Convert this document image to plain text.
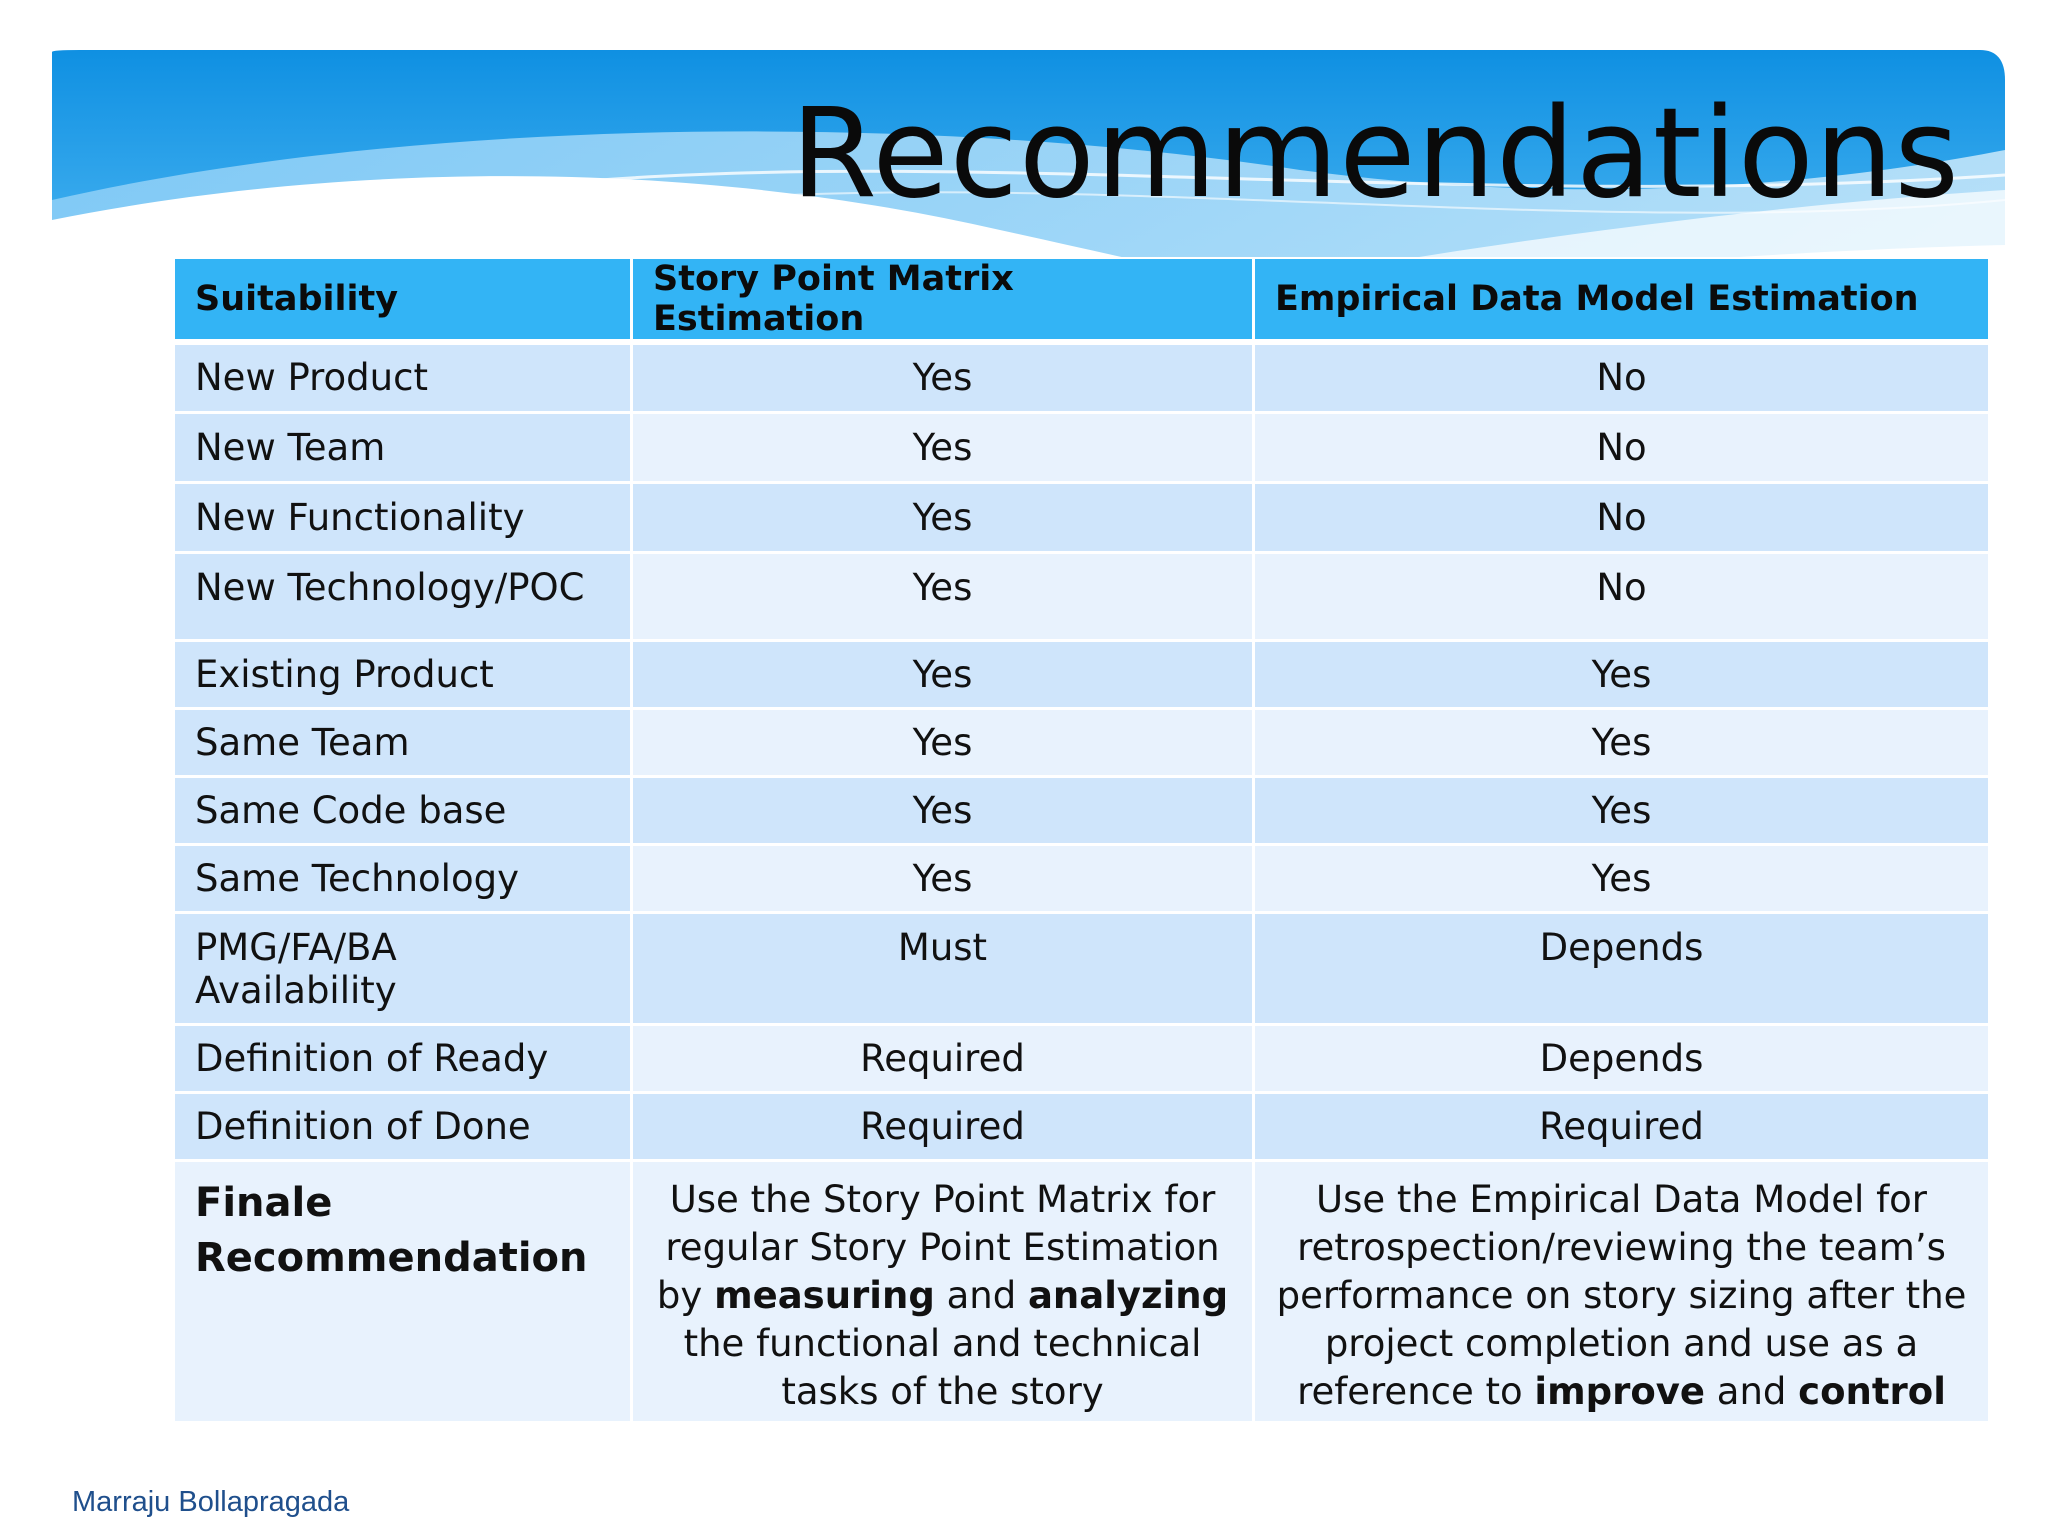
Recommendations
Suitability	Story Point Matrix Estimation	Empirical Data Model Estimation
New Product	Yes	No
New Team	Yes	No
New Functionality	Yes	No
New Technology/POC	Yes	No
Existing Product	Yes	Yes
Same Team	Yes	Yes
Same Code base	Yes	Yes
Same Technology	Yes	Yes
PMG/FA/BA Availability	Must	Depends
Definition of Ready	Required	Depends
Definition of Done	Required	Required

Finale
Recommendation	Use the Story Point Matrix for regular Story Point Estimation by measuring and analyzing the functional and technical tasks of the story	Use the Empirical Data Model for retrospection/reviewing the team’s performance on story sizing after the project completion and use as a reference to improve and control

Marraju Bollapragada
